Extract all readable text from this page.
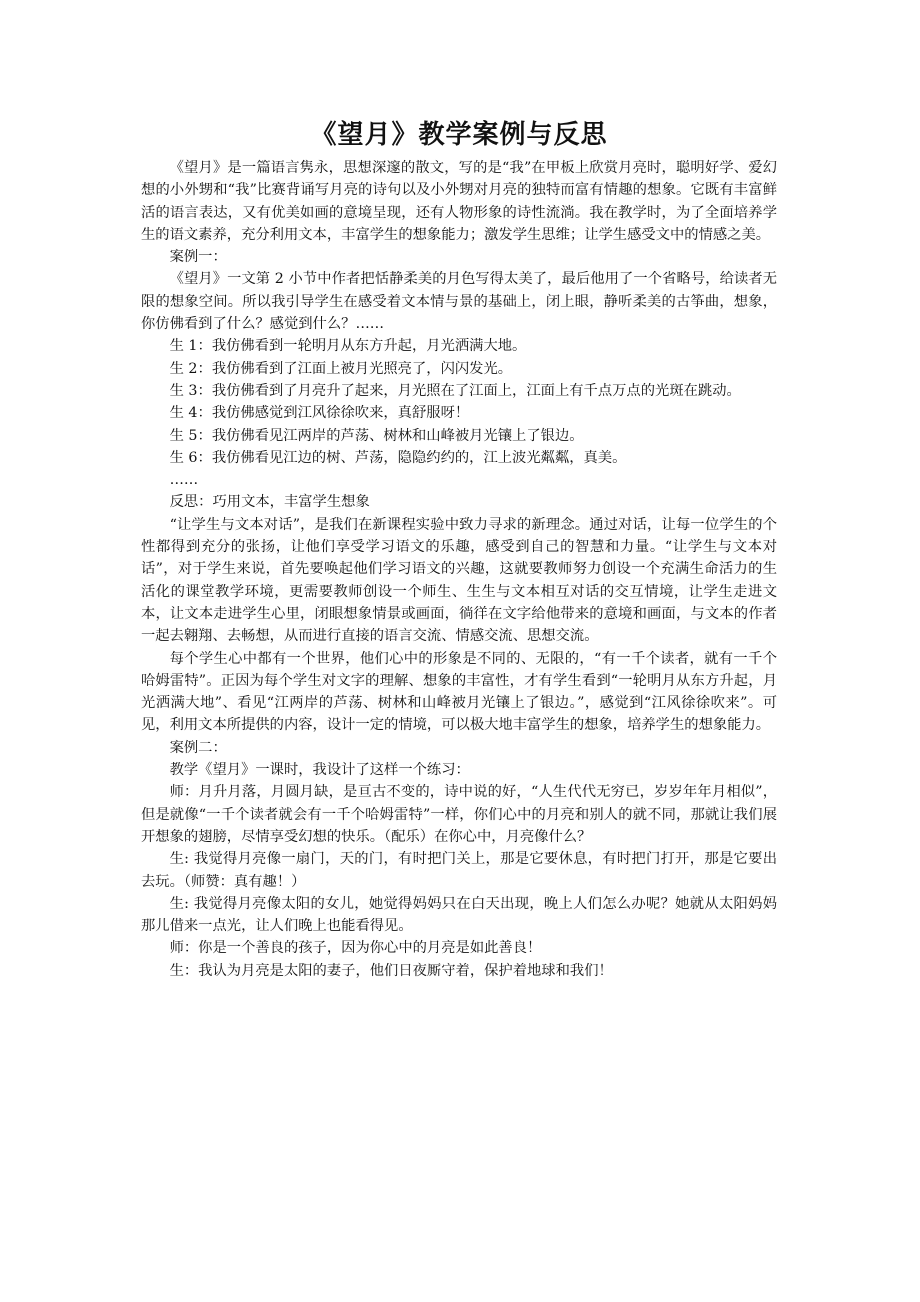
《望月》教学案例与反思

《望月》是一篇语言隽永，思想深邃的散文，写的是“我”在甲板上欣赏月亮时，聪明好学、爱幻想的小外甥和“我”比赛背诵写月亮的诗句以及小外甥对月亮的独特而富有情趣的想象。它既有丰富鲜活的语言表达，又有优美如画的意境呈现，还有人物形象的诗性流淌。我在教学时，为了全面培养学生的语文素养，充分利用文本，丰富学生的想象能力；激发学生思维；让学生感受文中的情感之美。

案例一：

《望月》一文第 2 小节中作者把恬静柔美的月色写得太美了，最后他用了一个省略号，给读者无限的想象空间。所以我引导学生在感受着文本情与景的基础上，闭上眼，静听柔美的古筝曲，想象，你仿佛看到了什么？感觉到什么？……

生 1：我仿佛看到一轮明月从东方升起，月光洒满大地。

生 2：我仿佛看到了江面上被月光照亮了，闪闪发光。

生 3：我仿佛看到了月亮升了起来，月光照在了江面上，江面上有千点万点的光斑在跳动。

生 4：我仿佛感觉到江风徐徐吹来，真舒服呀！

生 5：我仿佛看见江两岸的芦荡、树林和山峰被月光镶上了银边。

生 6：我仿佛看见江边的树、芦荡，隐隐约约的，江上波光粼粼，真美。

……

反思：巧用文本，丰富学生想象

“让学生与文本对话”，是我们在新课程实验中致力寻求的新理念。通过对话，让每一位学生的个性都得到充分的张扬，让他们享受学习语文的乐趣，感受到自己的智慧和力量。“让学生与文本对话”，对于学生来说，首先要唤起他们学习语文的兴趣，这就要教师努力创设一个充满生命活力的生活化的课堂教学环境，更需要教师创设一个师生、生生与文本相互对话的交互情境，让学生走进文本，让文本走进学生心里，闭眼想象情景或画面，徜徉在文字给他带来的意境和画面，与文本的作者一起去翱翔、去畅想，从而进行直接的语言交流、情感交流、思想交流。

每个学生心中都有一个世界，他们心中的形象是不同的、无限的，“有一千个读者，就有一千个哈姆雷特”。正因为每个学生对文字的理解、想象的丰富性，才有学生看到“一轮明月从东方升起，月光洒满大地”、看见“江两岸的芦荡、树林和山峰被月光镶上了银边。”，感觉到“江风徐徐吹来”。可见，利用文本所提供的内容，设计一定的情境，可以极大地丰富学生的想象，培养学生的想象能力。

案例二：

教学《望月》一课时，我设计了这样一个练习：

师：月升月落，月圆月缺，是亘古不变的，诗中说的好，“人生代代无穷已，岁岁年年月相似”，但是就像“一千个读者就会有一千个哈姆雷特”一样，你们心中的月亮和别人的就不同，那就让我们展开想象的翅膀，尽情享受幻想的快乐。（配乐）在你心中，月亮像什么？

生: 我觉得月亮像一扇门，天的门，有时把门关上，那是它要休息，有时把门打开，那是它要出去玩。（师赞：真有趣！）

生: 我觉得月亮像太阳的女儿，她觉得妈妈只在白天出现，晚上人们怎么办呢？她就从太阳妈妈那儿借来一点光，让人们晚上也能看得见。

师：你是一个善良的孩子，因为你心中的月亮是如此善良！

生：我认为月亮是太阳的妻子，他们日夜厮守着，保护着地球和我们！
